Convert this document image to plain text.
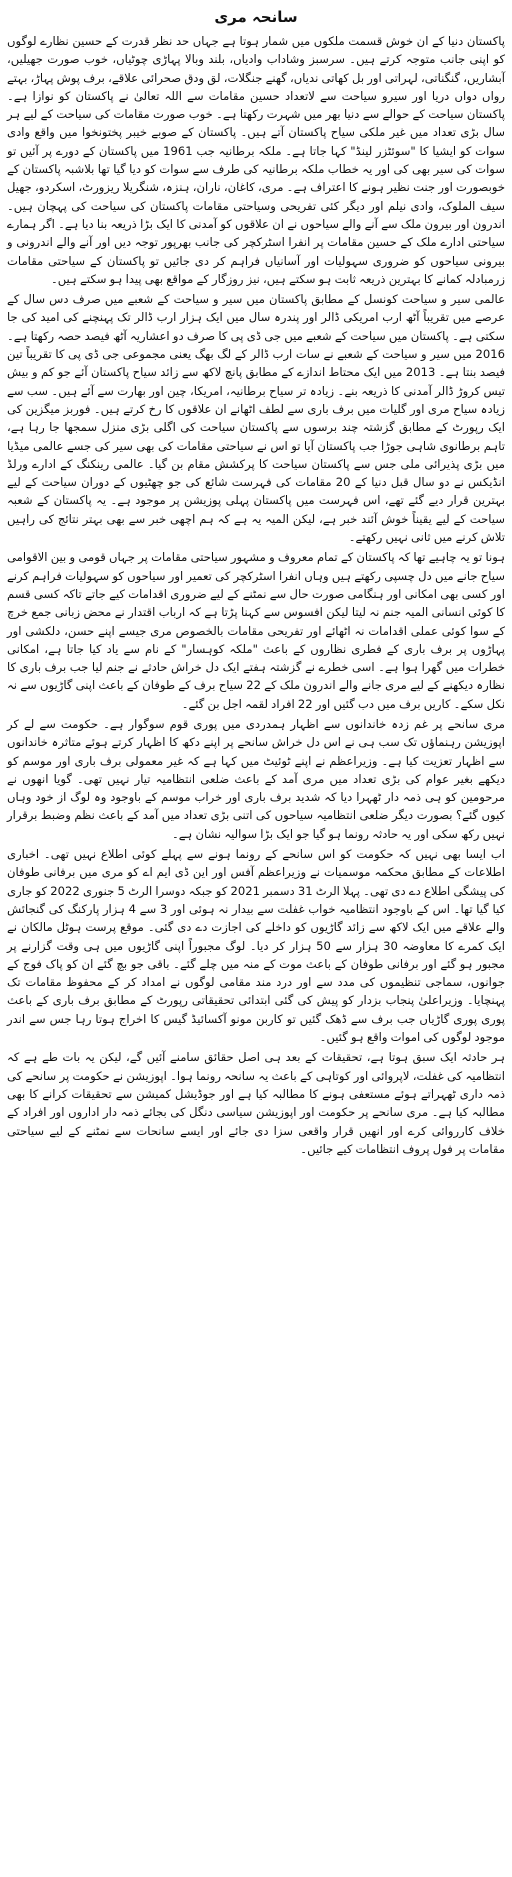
سانحہ مری

پاکستان دنیا کے ان خوش قسمت ملکوں میں شمار ہوتا ہے جہاں حد نظر قدرت کے حسین نظارے لوگوں کو اپنی جانب متوجہ کرتے ہیں۔ سرسبز وشاداب وادیاں، بلند وبالا پہاڑی چوٹیاں، خوب صورت جھیلیں، آبشاریں، گنگناتی، لہراتی اور بل کھاتی ندیاں، گھنے جنگلات، لق ودق صحرائی علاقے، برف پوش پہاڑ، بہتے رواں دواں دریا اور سیرو سیاحت سے لاتعداد حسین مقامات سے اللہ تعالیٰ نے پاکستان کو نوازا ہے۔ پاکستان سیاحت کے حوالے سے دنیا بھر میں شہرت رکھتا ہے۔ خوب صورت مقامات کی سیاحت کے لیے ہر سال بڑی تعداد میں غیر ملکی سیاح پاکستان آتے ہیں۔ پاکستان کے صوبے خیبر پختونخوا میں واقع وادی سوات کو ایشیا کا "سوئٹزر لینڈ" کہا جاتا ہے۔ ملکہ برطانیہ جب 1961 میں پاکستان کے دورے پر آئیں تو سوات کی سیر بھی کی اور یہ خطاب ملکہ برطانیہ کی طرف سے سوات کو دیا گیا تھا بلاشبہ پاکستان کے خوبصورت اور جنت نظیر ہونے کا اعتراف ہے۔ مری، کاغان، ناران، ہنزہ، شنگریلا ریزورٹ، اسکردو، جھیل سیف الملوک، وادی نیلم اور دیگر کئی تفریحی وسیاحتی مقامات پاکستان کی سیاحت کی پہچان ہیں۔ اندرون اور بیرون ملک سے آنے والے سیاحوں نے ان علاقوں کو آمدنی کا ایک بڑا ذریعہ بنا دیا ہے۔ اگر ہمارے سیاحتی ادارے ملک کے حسین مقامات پر انفرا اسٹرکچر کی جانب بھرپور توجہ دیں اور آنے والے اندرونی و بیرونی سیاحوں کو ضروری سہولیات اور آسانیاں فراہم کر دی جائیں تو پاکستان کے سیاحتی مقامات زرمبادلہ کمانے کا بہترین ذریعہ ثابت ہو سکتے ہیں، نیز روزگار کے مواقع بھی پیدا ہو سکتے ہیں۔

عالمی سیر و سیاحت کونسل کے مطابق پاکستان میں سیر و سیاحت کے شعبے میں صرف دس سال کے عرصے میں تقریباً آٹھ ارب امریکی ڈالر اور پندرہ سال میں ایک ہزار ارب ڈالر تک پہنچنے کی امید کی جا سکتی ہے۔ پاکستان میں سیاحت کے شعبے میں جی ڈی پی کا صرف دو اعشاریہ آٹھ فیصد حصہ رکھتا ہے۔ 2016 میں سیر و سیاحت کے شعبے نے سات ارب ڈالر کے لگ بھگ یعنی مجموعی جی ڈی پی کا تقریباً تین فیصد بنتا ہے۔ 2013 میں ایک محتاط اندازے کے مطابق پانچ لاکھ سے زائد سیاح پاکستان آئے جو کم و بیش تیس کروڑ ڈالر آمدنی کا ذریعہ بنے۔ زیادہ تر سیاح برطانیہ، امریکا، چین اور بھارت سے آئے ہیں۔ سب سے زیادہ سیاح مری اور گلیات میں برف باری سے لطف اٹھانے ان علاقوں کا رخ کرتے ہیں۔ فوربز میگزین کی ایک رپورٹ کے مطابق گزشتہ چند برسوں سے پاکستان سیاحت کی اگلی بڑی منزل سمجھا جا رہا ہے، تاہم برطانوی شاہی جوڑا جب پاکستان آیا تو اس نے سیاحتی مقامات کی بھی سیر کی جسے عالمی میڈیا میں بڑی پذیرائی ملی جس سے پاکستان سیاحت کا پرکشش مقام بن گیا۔ عالمی رینکنگ کے ادارے ورلڈ انڈیکس نے دو سال قبل دنیا کے 20 مقامات کی فہرست شائع کی جو چھٹیوں کے دوران سیاحت کے لیے بہترین قرار دیے گئے تھے، اس فہرست میں پاکستان پہلی پوزیشن پر موجود ہے۔ یہ پاکستان کے شعبہ سیاحت کے لیے یقیناً خوش آئند خبر ہے، لیکن المیہ یہ ہے کہ ہم اچھی خبر سے بھی بہتر نتائج کی راہیں تلاش کرنے میں ثانی نہیں رکھتے۔

ہونا تو یہ چاہیے تھا کہ پاکستان کے تمام معروف و مشہور سیاحتی مقامات پر جہاں قومی و بین الاقوامی سیاح جانے میں دل چسپی رکھتے ہیں وہاں انفرا اسٹرکچر کی تعمیر اور سیاحوں کو سہولیات فراہم کرنے اور کسی بھی امکانی اور ہنگامی صورت حال سے نمٹنے کے لیے ضروری اقدامات کیے جاتے تاکہ کسی قسم کا کوئی انسانی المیہ جنم نہ لیتا لیکن افسوس سے کہنا پڑتا ہے کہ ارباب اقتدار نے محض زبانی جمع خرچ کے سوا کوئی عملی اقدامات نہ اٹھائے اور تفریحی مقامات بالخصوص مری جیسے اپنے حسن، دلکشی اور پہاڑوں پر برف باری کے فطری نظاروں کے باعث "ملکہ کوہسار" کے نام سے یاد کیا جاتا ہے، امکانی خطرات میں گھرا ہوا ہے۔ اسی خطرے نے گزشتہ ہفتے ایک دل خراش حادثے نے جنم لیا جب برف باری کا نظارہ دیکھنے کے لیے مری جانے والے اندرون ملک کے 22 سیاح برف کے طوفان کے باعث اپنی گاڑیوں سے نہ نکل سکے۔ کاریں برف میں دب گئیں اور 22 افراد لقمہ اجل بن گئے۔

مری سانحے پر غم زدہ خاندانوں سے اظہار ہمدردی میں پوری قوم سوگوار ہے۔ حکومت سے لے کر اپوزیشن رہنماؤں تک سب ہی نے اس دل خراش سانحے پر اپنے دکھ کا اظہار کرتے ہوئے متاثرہ خاندانوں سے اظہار تعزیت کیا ہے۔ وزیراعظم نے اپنے ٹوئیٹ میں کہا ہے کہ غیر معمولی برف باری اور موسم کو دیکھے بغیر عوام کی بڑی تعداد میں مری آمد کے باعث ضلعی انتظامیہ تیار نہیں تھی۔ گویا انھوں نے مرحومین کو ہی ذمہ دار ٹھہرا دیا کہ شدید برف باری اور خراب موسم کے باوجود وہ لوگ از خود وہاں کیوں گئے؟ بصورت دیگر ضلعی انتظامیہ سیاحوں کی اتنی بڑی تعداد میں آمد کے باعث نظم وضبط برقرار نہیں رکھ سکی اور یہ حادثہ رونما ہو گیا جو ایک بڑا سوالیہ نشان ہے۔

اب ایسا بھی نہیں کہ حکومت کو اس سانحے کے رونما ہونے سے پہلے کوئی اطلاع نہیں تھی۔ اخباری اطلاعات کے مطابق محکمہ موسمیات نے وزیراعظم آفس اور این ڈی ایم اے کو مری میں برفانی طوفان کی پیشگی اطلاع دے دی تھی۔ پہلا الرٹ 31 دسمبر 2021 کو جبکہ دوسرا الرٹ 5 جنوری 2022 کو جاری کیا گیا تھا۔ اس کے باوجود انتظامیہ خواب غفلت سے بیدار نہ ہوئی اور 3 سے 4 ہزار پارکنگ کی گنجائش والے علاقے میں ایک لاکھ سے زائد گاڑیوں کو داخلے کی اجازت دے دی گئی۔ موقع پرست ہوٹل مالکان نے ایک کمرے کا معاوضہ 30 ہزار سے 50 ہزار کر دیا۔ لوگ مجبوراً اپنی گاڑیوں میں ہی وقت گزارنے پر مجبور ہو گئے اور برفانی طوفان کے باعث موت کے منہ میں چلے گئے۔ باقی جو بچ گئے ان کو پاک فوج کے جوانوں، سماجی تنظیموں کی مدد سے اور درد مند مقامی لوگوں نے امداد کر کے محفوظ مقامات تک پہنچایا۔ وزیراعلیٰ پنجاب بزدار کو پیش کی گئی ابتدائی تحقیقاتی رپورٹ کے مطابق برف باری کے باعث پوری پوری گاڑیاں جب برف سے ڈھک گئیں تو کاربن مونو آکسائیڈ گیس کا اخراج ہوتا رہا جس سے اندر موجود لوگوں کی اموات واقع ہو گئیں۔

ہر حادثہ ایک سبق ہوتا ہے، تحقیقات کے بعد ہی اصل حقائق سامنے آئیں گے، لیکن یہ بات طے ہے کہ انتظامیہ کی غفلت، لاپروائی اور کوتاہی کے باعث یہ سانحہ رونما ہوا۔ اپوزیشن نے حکومت پر سانحے کی ذمہ داری ٹھہراتے ہوئے مستعفی ہونے کا مطالبہ کیا ہے اور جوڈیشل کمیشن سے تحقیقات کرانے کا بھی مطالبہ کیا ہے۔ مری سانحے پر حکومت اور اپوزیشن سیاسی دنگل کی بجائے ذمہ دار اداروں اور افراد کے خلاف کارروائی کرے اور انھیں قرار واقعی سزا دی جائے اور ایسے سانحات سے نمٹنے کے لیے سیاحتی مقامات پر فول پروف انتظامات کیے جائیں۔
